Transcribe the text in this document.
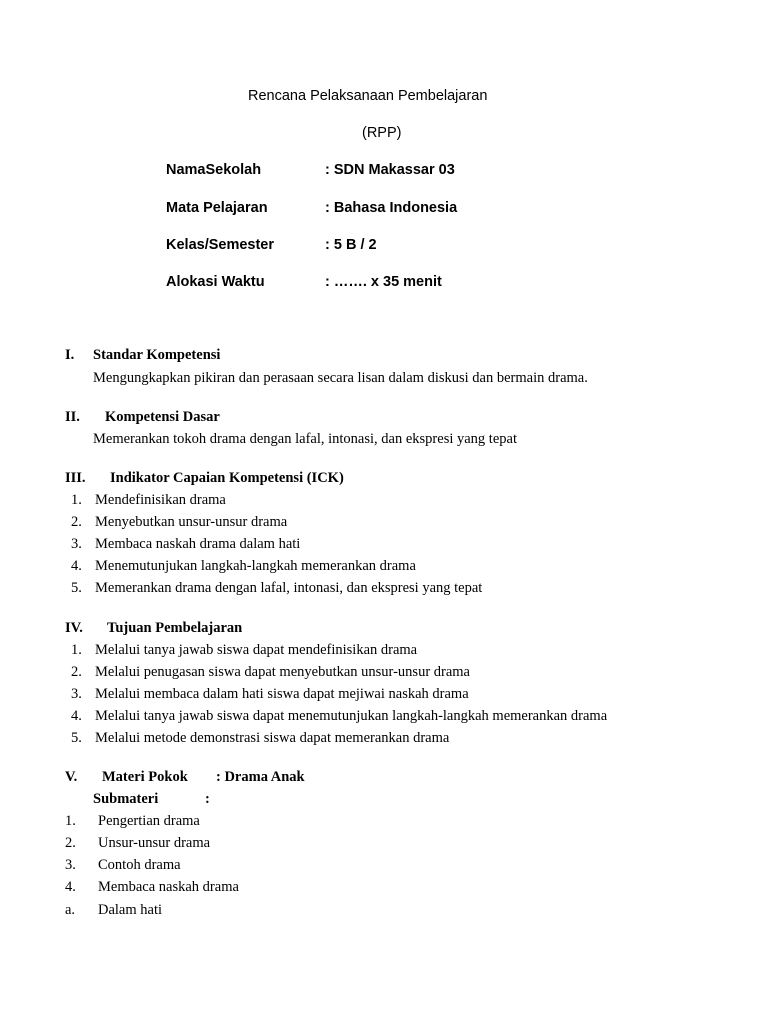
Rencana Pelaksanaan Pembelajaran
(RPP)
NamaSekolah	: SDN Makassar 03
Mata Pelajaran	: Bahasa Indonesia
Kelas/Semester	: 5 B / 2
Alokasi Waktu	: ……. x 35 menit
I. Standar Kompetensi
Mengungkapkan pikiran dan perasaan secara lisan dalam diskusi dan bermain drama.
II. Kompetensi Dasar
Memerankan tokoh drama dengan lafal, intonasi, dan ekspresi yang tepat
III. Indikator Capaian Kompetensi (ICK)
1. Mendefinisikan drama
2. Menyebutkan unsur-unsur drama
3. Membaca naskah drama dalam hati
4. Menemutunjukan langkah-langkah memerankan drama
5. Memerankan drama dengan lafal, intonasi, dan ekspresi yang tepat
IV. Tujuan Pembelajaran
1. Melalui tanya jawab siswa dapat mendefinisikan drama
2. Melalui penugasan siswa dapat menyebutkan unsur-unsur drama
3. Melalui membaca dalam hati siswa dapat mejiwai naskah drama
4. Melalui tanya jawab siswa dapat menemutunjukan langkah-langkah memerankan drama
5. Melalui metode demonstrasi siswa dapat memerankan drama
V. Materi Pokok : Drama Anak
Submateri	:
1. Pengertian drama
2. Unsur-unsur drama
3. Contoh drama
4. Membaca naskah drama
a. Dalam hati
